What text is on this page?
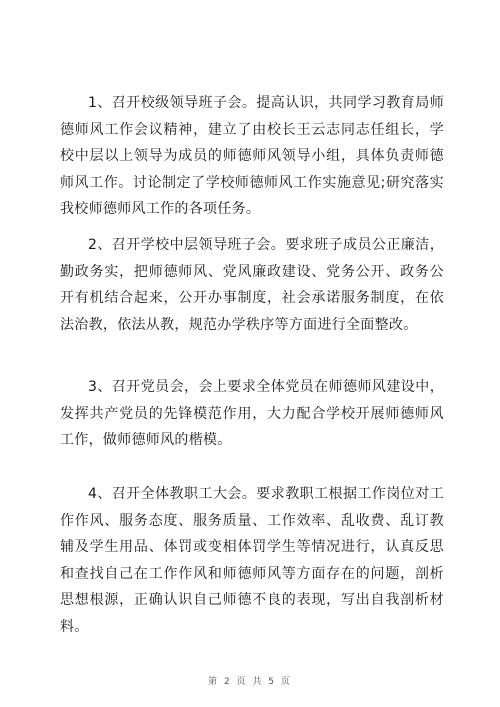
1、召开校级领导班子会。提高认识，共同学习教育局师德师风工作会议精神，建立了由校长王云志同志任组长，学校中层以上领导为成员的师德师风领导小组，具体负责师德师风工作。讨论制定了学校师德师风工作实施意见;研究落实我校师德师风工作的各项任务。

2、召开学校中层领导班子会。要求班子成员公正廉洁，勤政务实，把师德师风、党风廉政建设、党务公开、政务公开有机结合起来，公开办事制度，社会承诺服务制度，在依法治教，依法从教，规范办学秩序等方面进行全面整改。

3、召开党员会，会上要求全体党员在师德师风建设中，发挥共产党员的先锋模范作用，大力配合学校开展师德师风工作，做师德师风的楷模。

4、召开全体教职工大会。要求教职工根据工作岗位对工作作风、服务态度、服务质量、工作效率、乱收费、乱订教辅及学生用品、体罚或变相体罚学生等情况进行，认真反思和查找自己在工作作风和师德师风等方面存在的问题，剖析思想根源，正确认识自己师德不良的表现，写出自我剖析材料。

第 2 页 共 5 页
